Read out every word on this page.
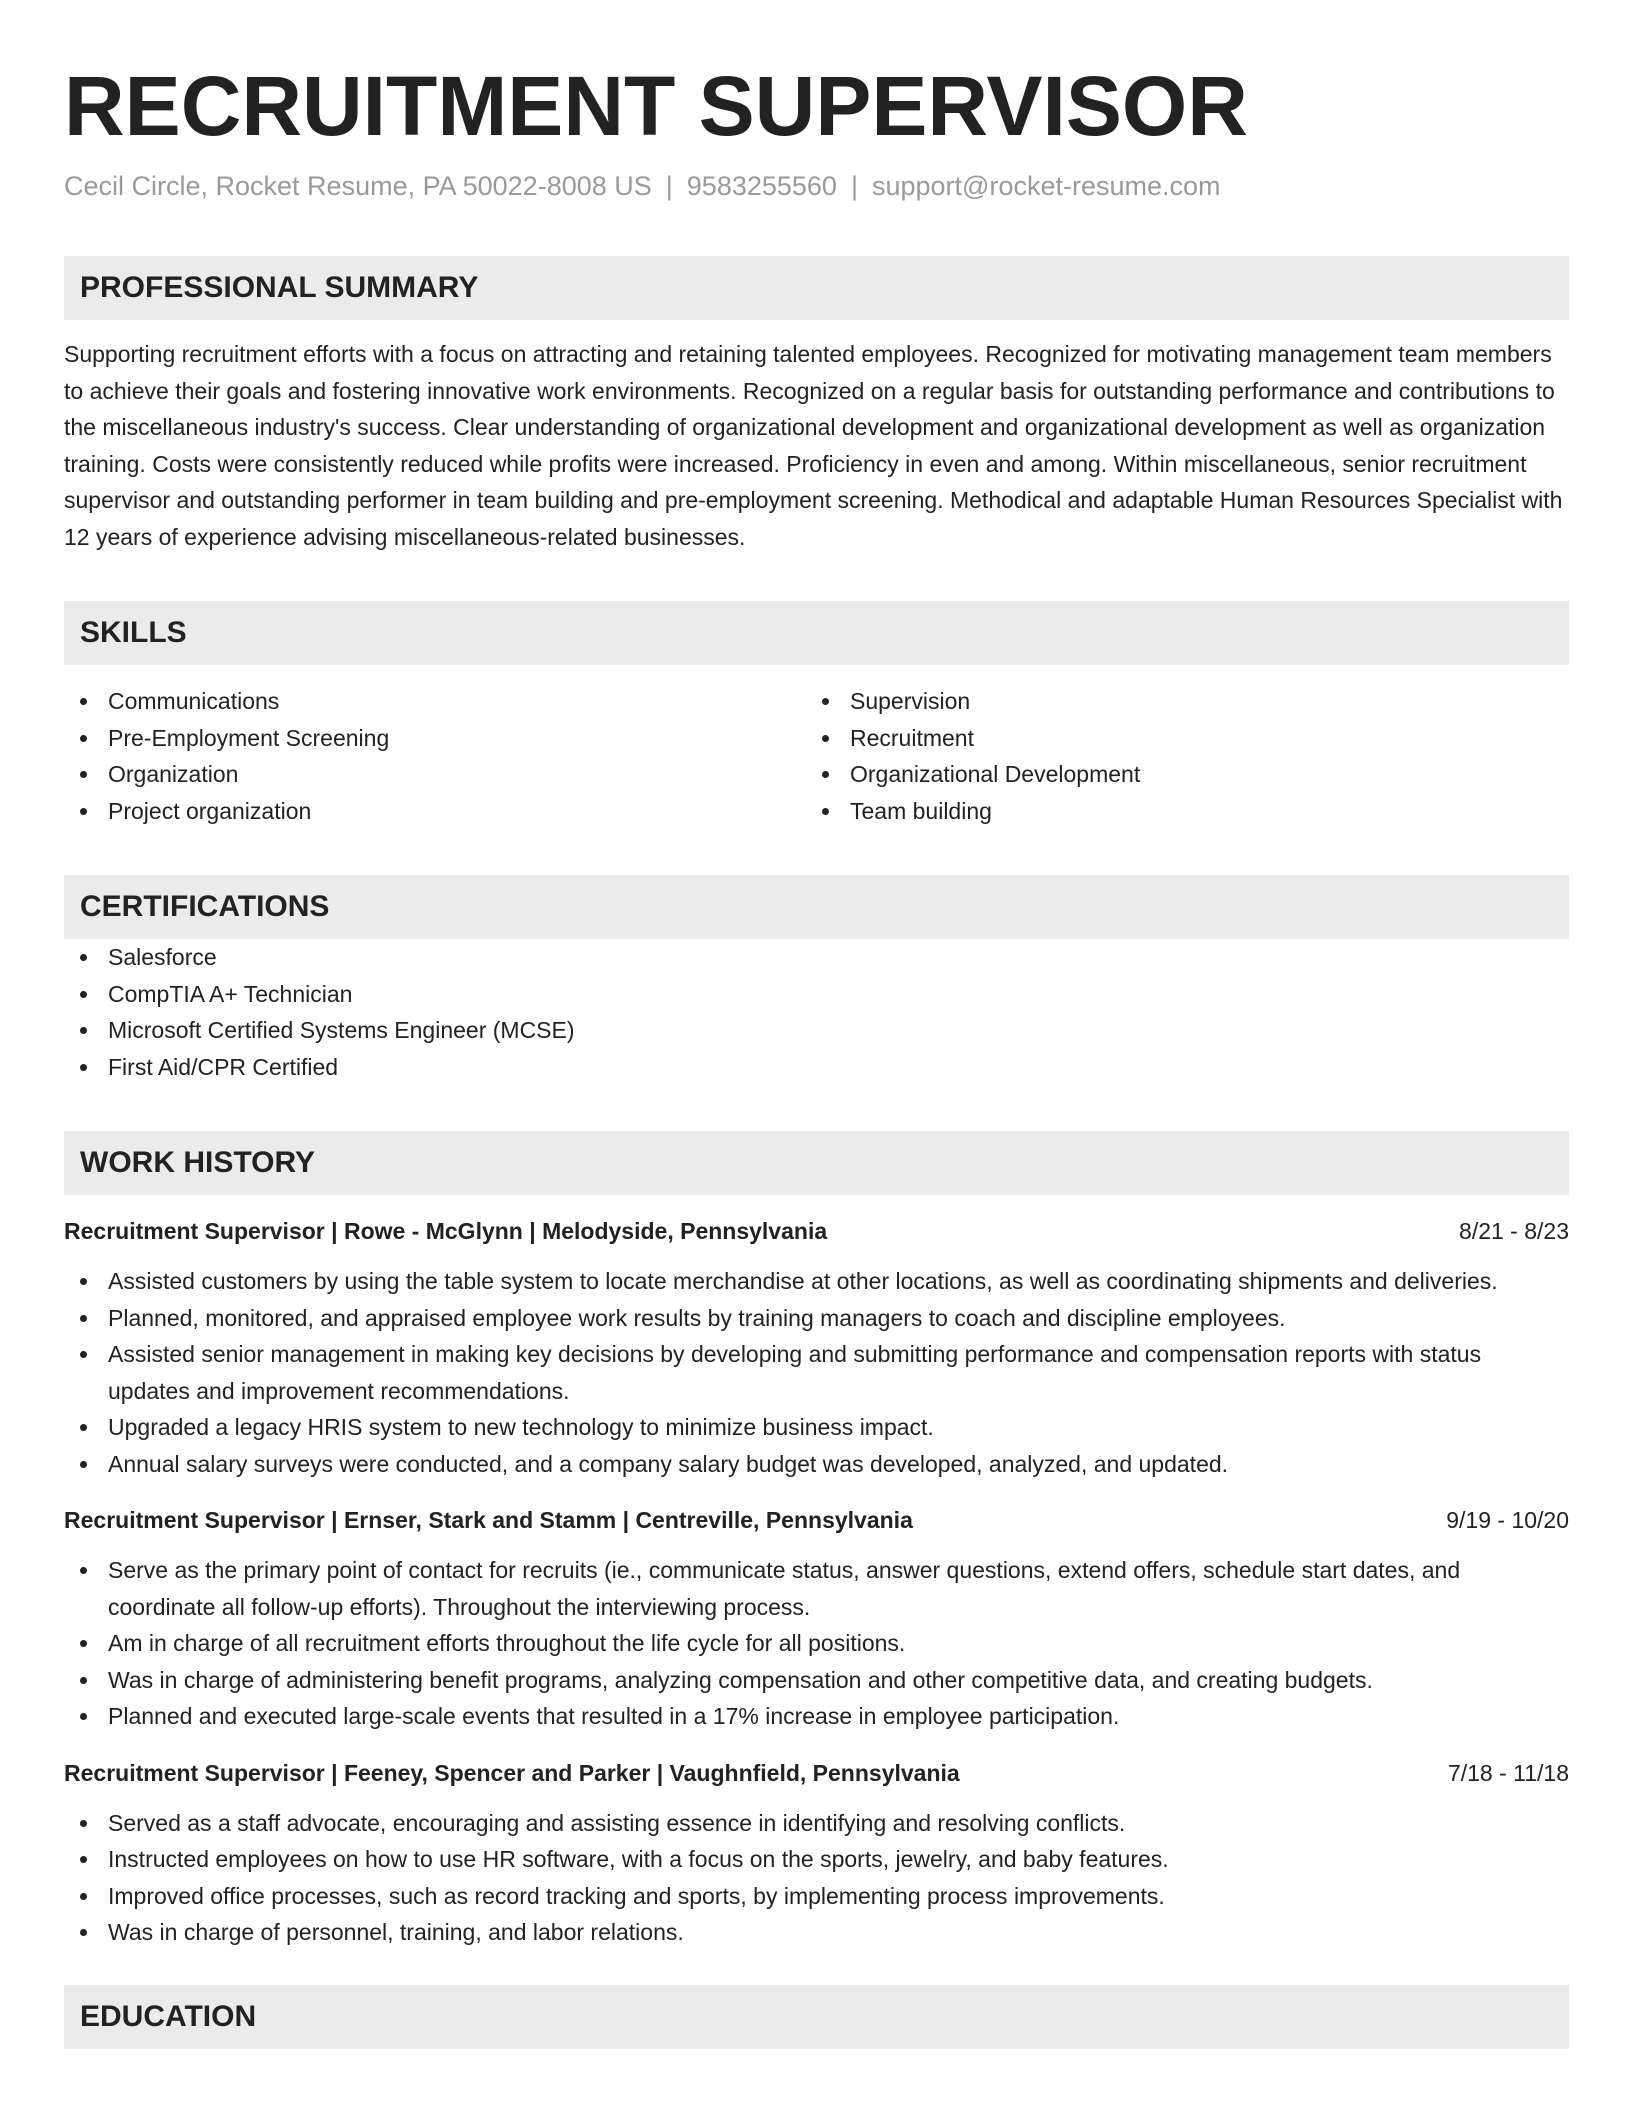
RECRUITMENT SUPERVISOR
Cecil Circle, Rocket Resume, PA 50022-8008 US | 9583255560 | support@rocket-resume.com
PROFESSIONAL SUMMARY
Supporting recruitment efforts with a focus on attracting and retaining talented employees. Recognized for motivating management team members to achieve their goals and fostering innovative work environments. Recognized on a regular basis for outstanding performance and contributions to the miscellaneous industry's success. Clear understanding of organizational development and organizational development as well as organization training. Costs were consistently reduced while profits were increased. Proficiency in even and among. Within miscellaneous, senior recruitment supervisor and outstanding performer in team building and pre-employment screening. Methodical and adaptable Human Resources Specialist with 12 years of experience advising miscellaneous-related businesses.
SKILLS
Communications
Pre-Employment Screening
Organization
Project organization
Supervision
Recruitment
Organizational Development
Team building
CERTIFICATIONS
Salesforce
CompTIA A+ Technician
Microsoft Certified Systems Engineer (MCSE)
First Aid/CPR Certified
WORK HISTORY
Recruitment Supervisor | Rowe - McGlynn | Melodyside, Pennsylvania	8/21 - 8/23
Assisted customers by using the table system to locate merchandise at other locations, as well as coordinating shipments and deliveries.
Planned, monitored, and appraised employee work results by training managers to coach and discipline employees.
Assisted senior management in making key decisions by developing and submitting performance and compensation reports with status updates and improvement recommendations.
Upgraded a legacy HRIS system to new technology to minimize business impact.
Annual salary surveys were conducted, and a company salary budget was developed, analyzed, and updated.
Recruitment Supervisor | Ernser, Stark and Stamm | Centreville, Pennsylvania	9/19 - 10/20
Serve as the primary point of contact for recruits (ie., communicate status, answer questions, extend offers, schedule start dates, and coordinate all follow-up efforts). Throughout the interviewing process.
Am in charge of all recruitment efforts throughout the life cycle for all positions.
Was in charge of administering benefit programs, analyzing compensation and other competitive data, and creating budgets.
Planned and executed large-scale events that resulted in a 17% increase in employee participation.
Recruitment Supervisor | Feeney, Spencer and Parker | Vaughnfield, Pennsylvania	7/18 - 11/18
Served as a staff advocate, encouraging and assisting essence in identifying and resolving conflicts.
Instructed employees on how to use HR software, with a focus on the sports, jewelry, and baby features.
Improved office processes, such as record tracking and sports, by implementing process improvements.
Was in charge of personnel, training, and labor relations.
EDUCATION
